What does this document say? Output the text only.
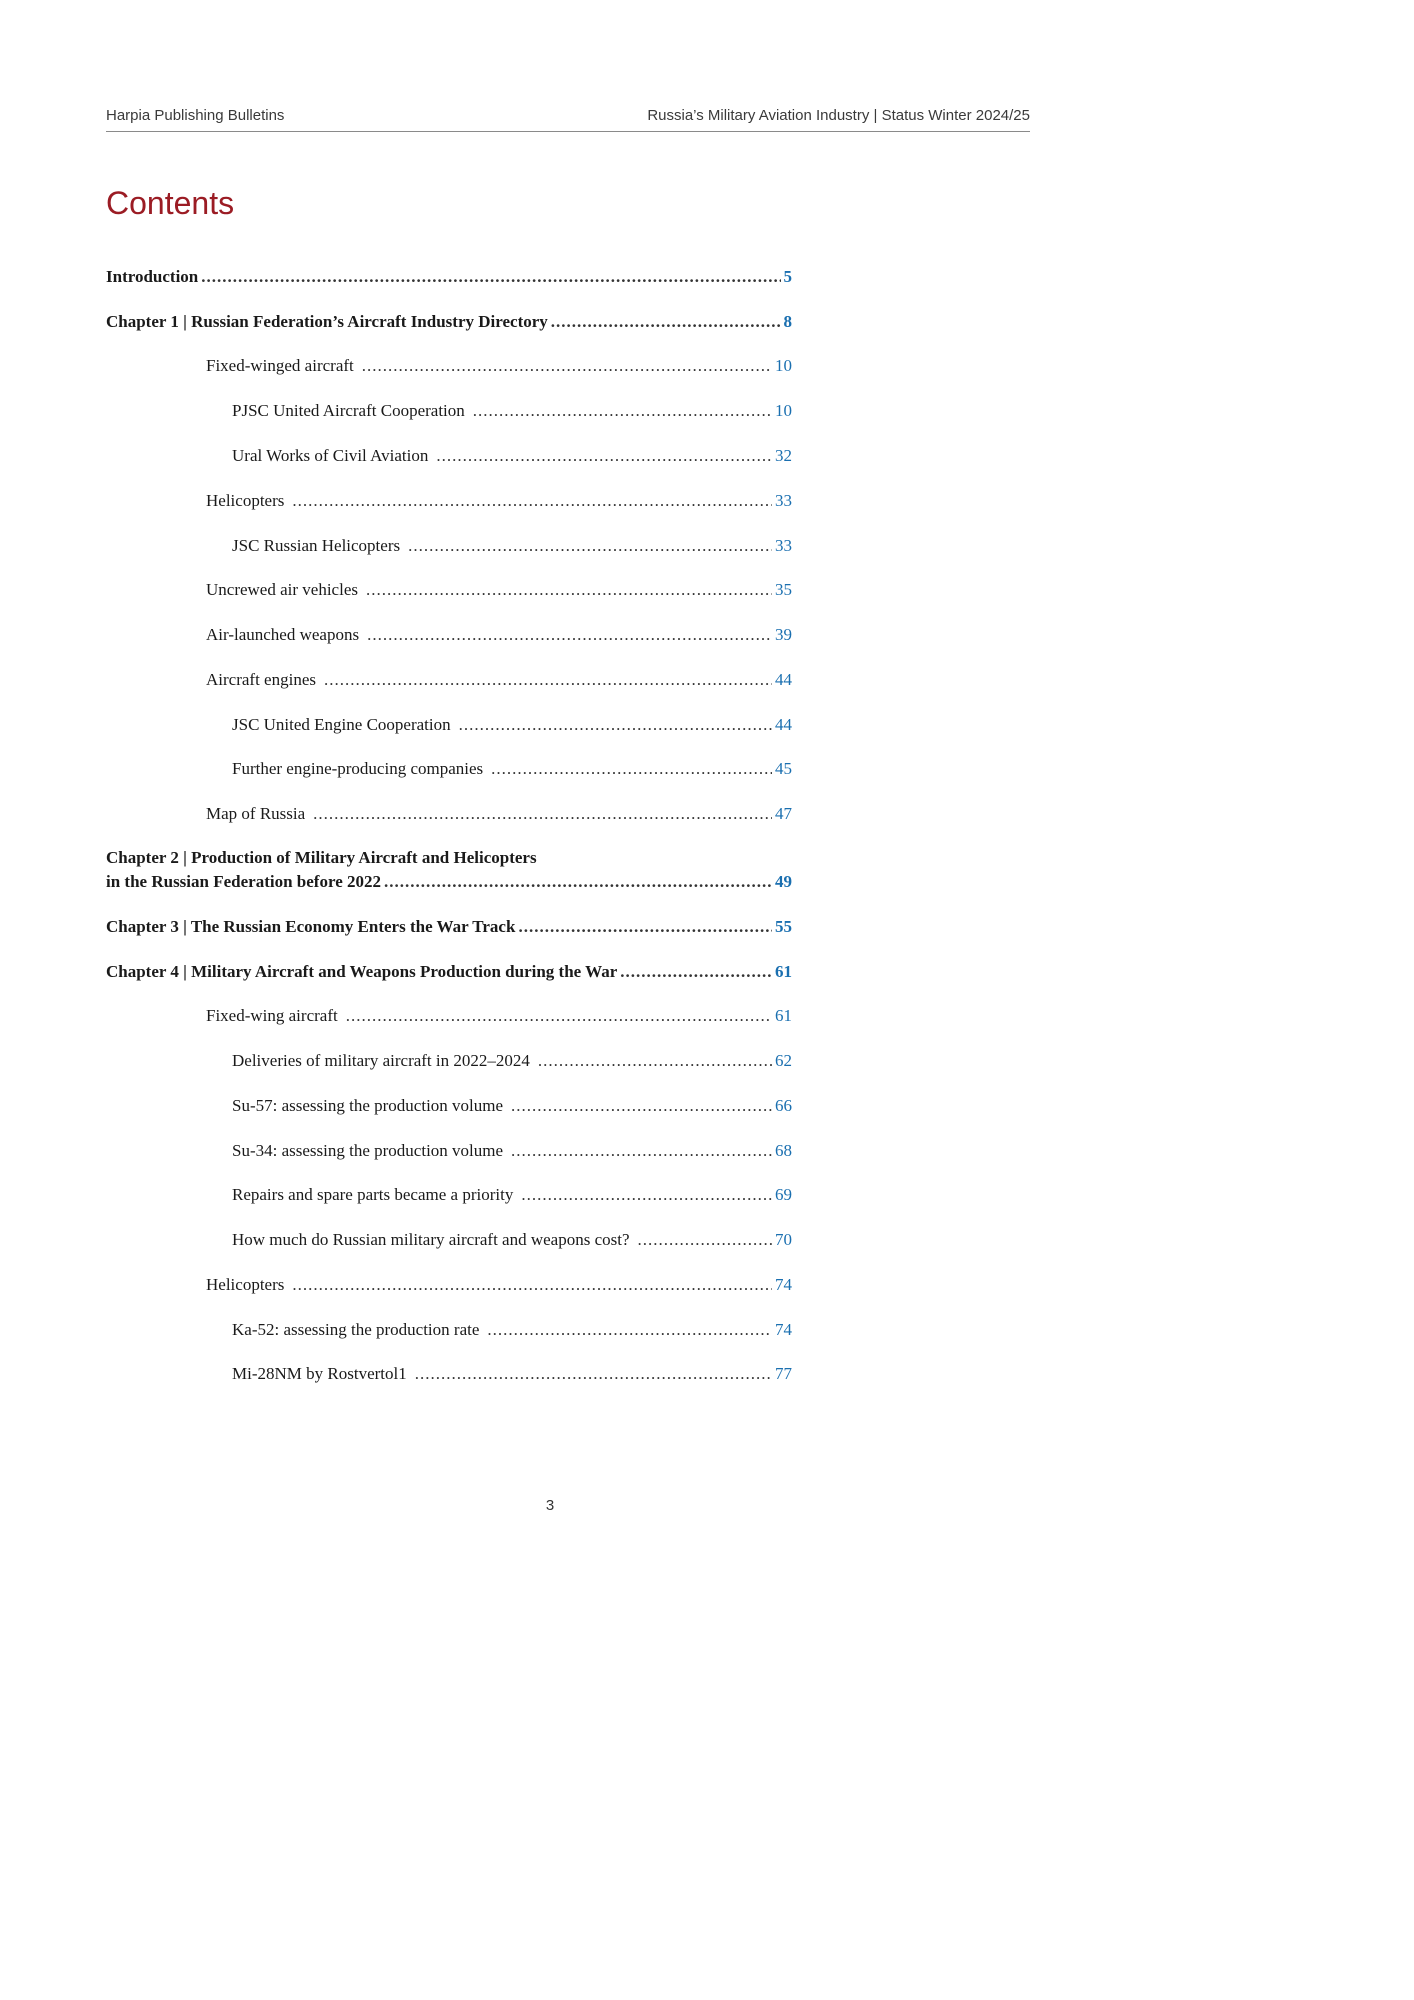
Harpia Publishing Bulletins	Russia’s Military Aviation Industry | Status Winter 2024/25
Contents
Introduction .....	5
Chapter 1 | Russian Federation’s Aircraft Industry Directory .....	8
Fixed-winged aircraft .....	10
PJSC United Aircraft Cooperation .....	10
Ural Works of Civil Aviation .....	32
Helicopters .....	33
JSC Russian Helicopters .....	33
Uncrewed air vehicles .....	35
Air-launched weapons .....	39
Aircraft engines .....	44
JSC United Engine Cooperation .....	44
Further engine-producing companies .....	45
Map of Russia .....	47
Chapter 2 | Production of Military Aircraft and Helicopters
in the Russian Federation before 2022 .....	49
Chapter 3 | The Russian Economy Enters the War Track .....	55
Chapter 4 | Military Aircraft and Weapons Production during the War .....	61
Fixed-wing aircraft .....	61
Deliveries of military aircraft in 2022–2024 .....	62
Su-57: assessing the production volume .....	66
Su-34: assessing the production volume .....	68
Repairs and spare parts became a priority .....	69
How much do Russian military aircraft and weapons cost? .....	70
Helicopters .....	74
Ka-52: assessing the production rate .....	74
Mi-28NM by Rostvertol1 .....	77
3
